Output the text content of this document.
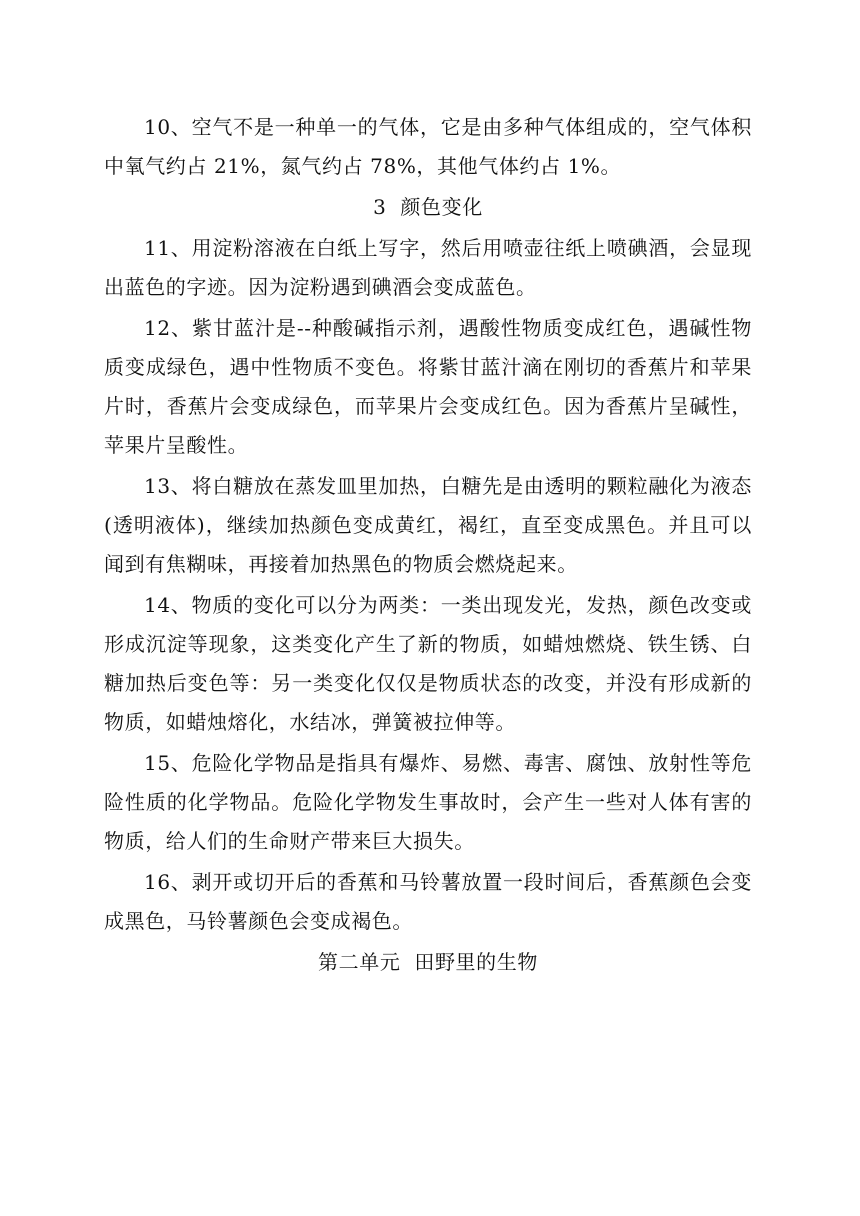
10、空气不是一种单一的气体，它是由多种气体组成的，空气体积中氧气约占 21%，氮气约占 78%，其他气体约占 1%。

3  颜色变化

11、用淀粉溶液在白纸上写字，然后用喷壶往纸上喷碘酒，会显现出蓝色的字迹。因为淀粉遇到碘酒会变成蓝色。

12、紫甘蓝汁是--种酸碱指示剂，遇酸性物质变成红色，遇碱性物质变成绿色，遇中性物质不变色。将紫甘蓝汁滴在刚切的香蕉片和苹果片时，香蕉片会变成绿色，而苹果片会变成红色。因为香蕉片呈碱性，苹果片呈酸性。

13、将白糖放在蒸发皿里加热，白糖先是由透明的颗粒融化为液态(透明液体)，继续加热颜色变成黄红，褐红，直至变成黑色。并且可以闻到有焦糊味，再接着加热黑色的物质会燃烧起来。

14、物质的变化可以分为两类：一类出现发光，发热，颜色改变或形成沉淀等现象，这类变化产生了新的物质，如蜡烛燃烧、铁生锈、白糖加热后变色等：另一类变化仅仅是物质状态的改变，并没有形成新的物质，如蜡烛熔化，水结冰，弹簧被拉伸等。

15、危险化学物品是指具有爆炸、易燃、毒害、腐蚀、放射性等危险性质的化学物品。危险化学物发生事故时，会产生一些对人体有害的物质，给人们的生命财产带来巨大损失。

16、剥开或切开后的香蕉和马铃薯放置一段时间后，香蕉颜色会变成黑色，马铃薯颜色会变成褐色。

第二单元  田野里的生物
